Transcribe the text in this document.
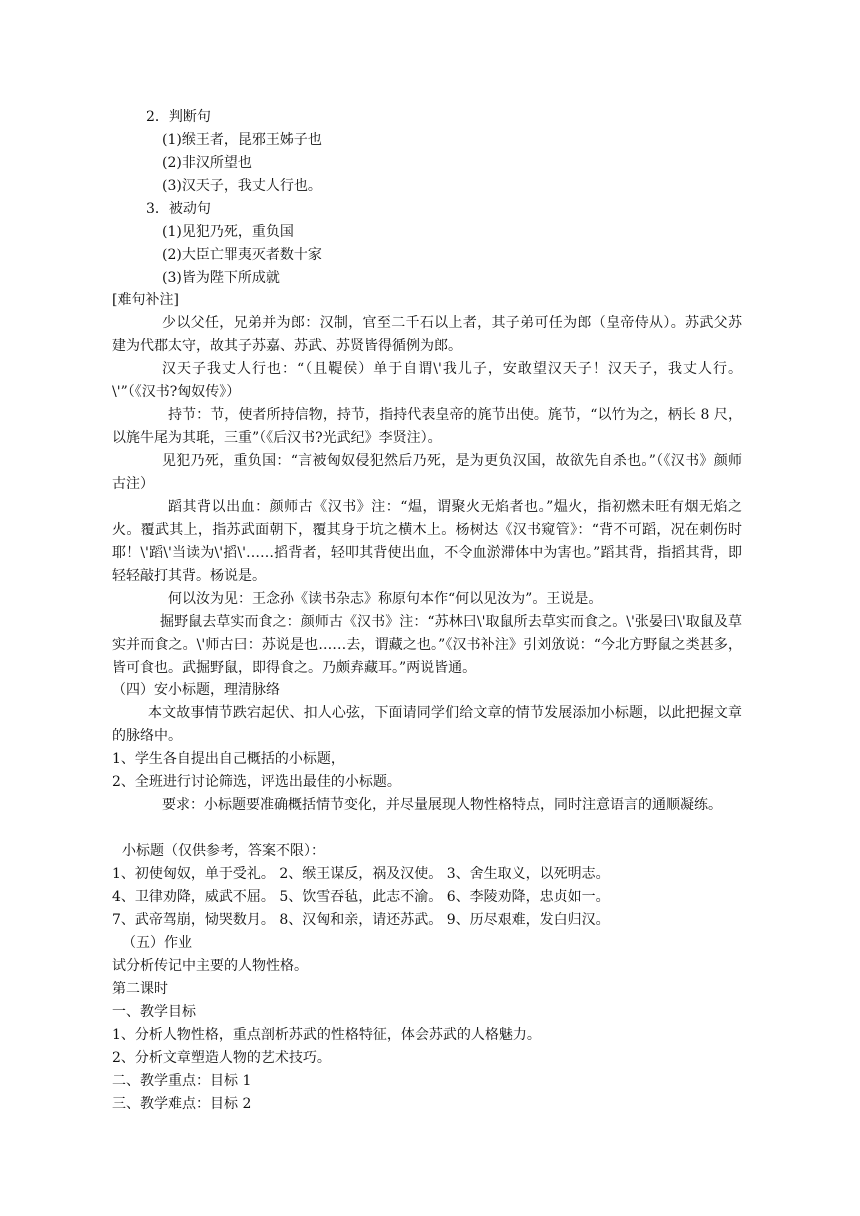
2．判断句
(1)缑王者，昆邪王姊子也
(2)非汉所望也
(3)汉天子，我丈人行也。
3．被动句
(1)见犯乃死，重负国
(2)大臣亡罪夷灭者数十家
(3)皆为陛下所成就
[难句补注]
少以父任，兄弟并为郎：汉制，官至二千石以上者，其子弟可任为郎（皇帝侍从）。苏武父苏建为代郡太守，故其子苏嘉、苏武、苏贤皆得循例为郎。
汉天子我丈人行也：“（且鞮侯）单于自谓\'我儿子，安敢望汉天子！汉天子，我丈人行。\'”（《汉书?匈奴传》）
持节：节，使者所持信物，持节，指持代表皇帝的旄节出使。旄节，“以竹为之，柄长 8 尺，以旄牛尾为其毦，三重”（《后汉书?光武纪》李贤注）。
见犯乃死，重负国：“言被匈奴侵犯然后乃死，是为更负汉国，故欲先自杀也。”（《汉书》颜师古注）
蹈其背以出血：颜师古《汉书》注：“煴，谓聚火无焰者也。”煴火，指初燃未旺有烟无焰之火。覆武其上，指苏武面朝下，覆其身于坑之横木上。杨树达《汉书窥管》：“背不可蹈，况在刺伤时耶！\'蹈\'当读为\'搯\'……搯背者，轻叩其背使出血，不令血淤滞体中为害也。”蹈其背，指搯其背，即轻轻敲打其背。杨说是。
何以汝为见：王念孙《读书杂志》称原句本作“何以见汝为”。王说是。
掘野鼠去草实而食之：颜师古《汉书》注：“苏林曰\'取鼠所去草实而食之。\'张晏曰\'取鼠及草实并而食之。\'师古曰：苏说是也……去，谓藏之也。”《汉书补注》引刘攽说：“今北方野鼠之类甚多，皆可食也。武掘野鼠，即得食之。乃颇弆藏耳。”两说皆通。
（四）安小标题，理清脉络
本文故事情节跌宕起伏、扣人心弦，下面请同学们给文章的情节发展添加小标题，以此把握文章的脉络中。
1、学生各自提出自己概括的小标题，
2、全班进行讨论筛选，评选出最佳的小标题。
要求：小标题要准确概括情节变化，并尽量展现人物性格特点，同时注意语言的通顺凝练。
小标题（仅供参考，答案不限）：
1、初使匈奴，单于受礼。 2、缑王谋反，祸及汉使。 3、舍生取义，以死明志。
4、卫律劝降，威武不屈。 5、饮雪吞毡，此志不渝。 6、李陵劝降，忠贞如一。
7、武帝驾崩，恸哭数月。 8、汉匈和亲，请还苏武。 9、历尽艰难，发白归汉。
（五）作业
试分析传记中主要的人物性格。
第二课时
一、教学目标
1、分析人物性格，重点剖析苏武的性格特征，体会苏武的人格魅力。
2、分析文章塑造人物的艺术技巧。
二、教学重点：目标 1
三、教学难点：目标 2
